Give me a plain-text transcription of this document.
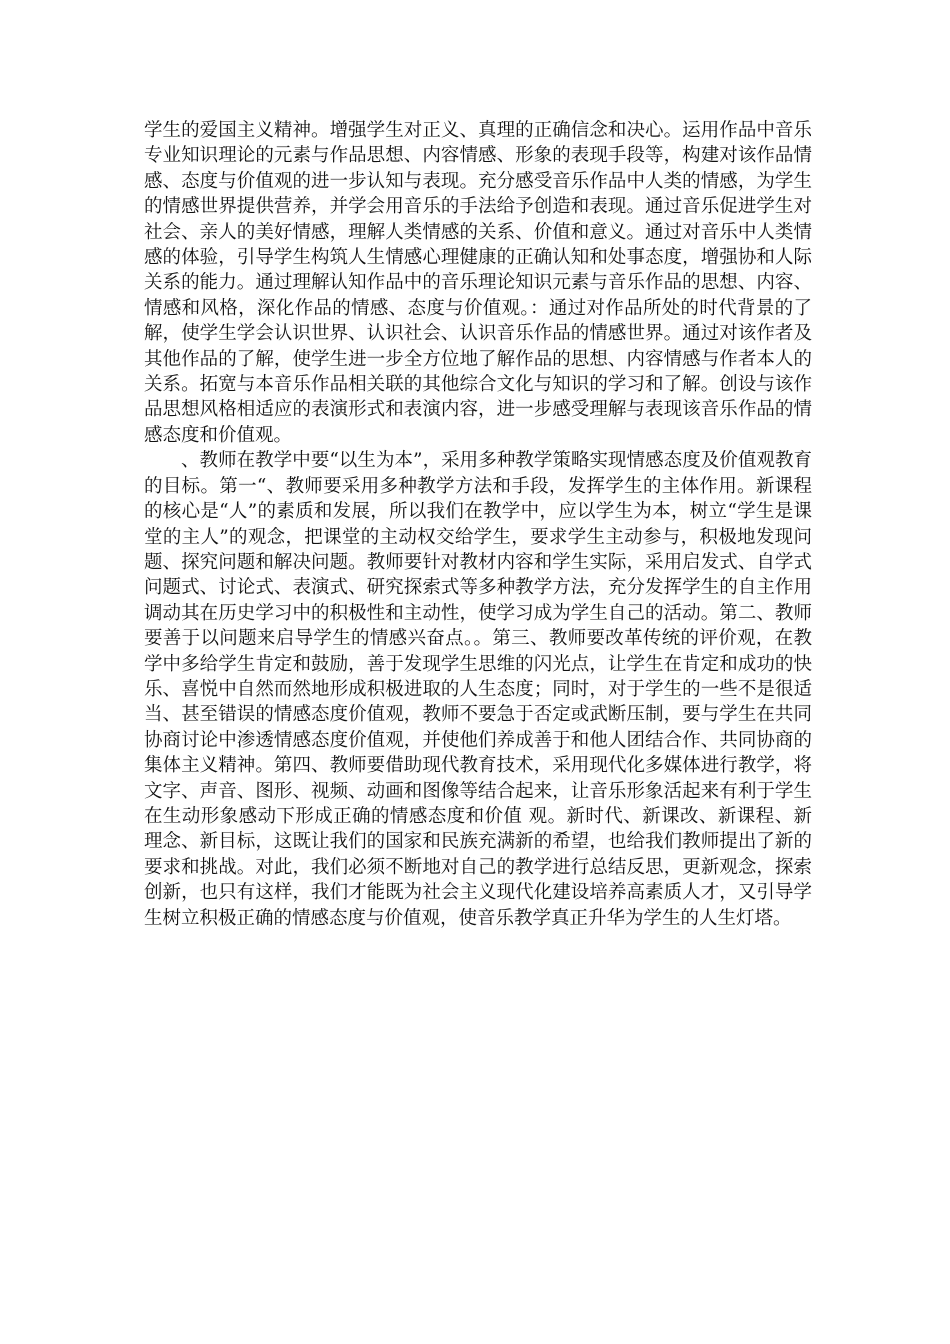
学生的爱国主义精神。增强学生对正义、真理的正确信念和决心。运用作品中音乐专业知识理论的元素与作品思想、内容情感、形象的表现手段等，构建对该作品情感、态度与价值观的进一步认知与表现。充分感受音乐作品中人类的情感，为学生的情感世界提供营养，并学会用音乐的手法给予创造和表现。通过音乐促进学生对社会、亲人的美好情感，理解人类情感的关系、价值和意义。通过对音乐中人类情感的体验，引导学生构筑人生情感心理健康的正确认知和处事态度，增强协和人际关系的能力。通过理解认知作品中的音乐理论知识元素与音乐作品的思想、内容、情感和风格，深化作品的情感、态度与价值观。：通过对作品所处的时代背景的了解，使学生学会认识世界、认识社会、认识音乐作品的情感世界。通过对该作者及其他作品的了解，使学生进一步全方位地了解作品的思想、内容情感与作者本人的关系。拓宽与本音乐作品相关联的其他综合文化与知识的学习和了解。创设与该作品思想风格相适应的表演形式和表演内容，进一步感受理解与表现该音乐作品的情感态度和价值观。

、教师在教学中要“以生为本”，采用多种教学策略实现情感态度及价值观教育的目标。第一“、教师要采用多种教学方法和手段，发挥学生的主体作用。新课程的核心是“人”的素质和发展，所以我们在教学中，应以学生为本，树立“学生是课堂的主人”的观念，把课堂的主动权交给学生，要求学生主动参与，积极地发现问题、探究问题和解决问题。教师要针对教材内容和学生实际，采用启发式、自学式问题式、讨论式、表演式、研究探索式等多种教学方法，充分发挥学生的自主作用调动其在历史学习中的积极性和主动性，使学习成为学生自己的活动。第二、教师要善于以问题来启导学生的情感兴奋点。。第三、教师要改革传统的评价观，在教学中多给学生肯定和鼓励，善于发现学生思维的闪光点，让学生在肯定和成功的快乐、喜悦中自然而然地形成积极进取的人生态度；同时，对于学生的一些不是很适当、甚至错误的情感态度价值观，教师不要急于否定或武断压制，要与学生在共同协商讨论中渗透情感态度价值观，并使他们养成善于和他人团结合作、共同协商的集体主义精神。第四、教师要借助现代教育技术，采用现代化多媒体进行教学，将文字、声音、图形、视频、动画和图像等结合起来，让音乐形象活起来有利于学生在生动形象感动下形成正确的情感态度和价值 观。新时代、新课改、新课程、新理念、新目标，这既让我们的国家和民族充满新的希望，也给我们教师提出了新的要求和挑战。对此，我们必须不断地对自己的教学进行总结反思，更新观念，探索创新，也只有这样，我们才能既为社会主义现代化建设培养高素质人才，又引导学生树立积极正确的情感态度与价值观，使音乐教学真正升华为学生的人生灯塔。
